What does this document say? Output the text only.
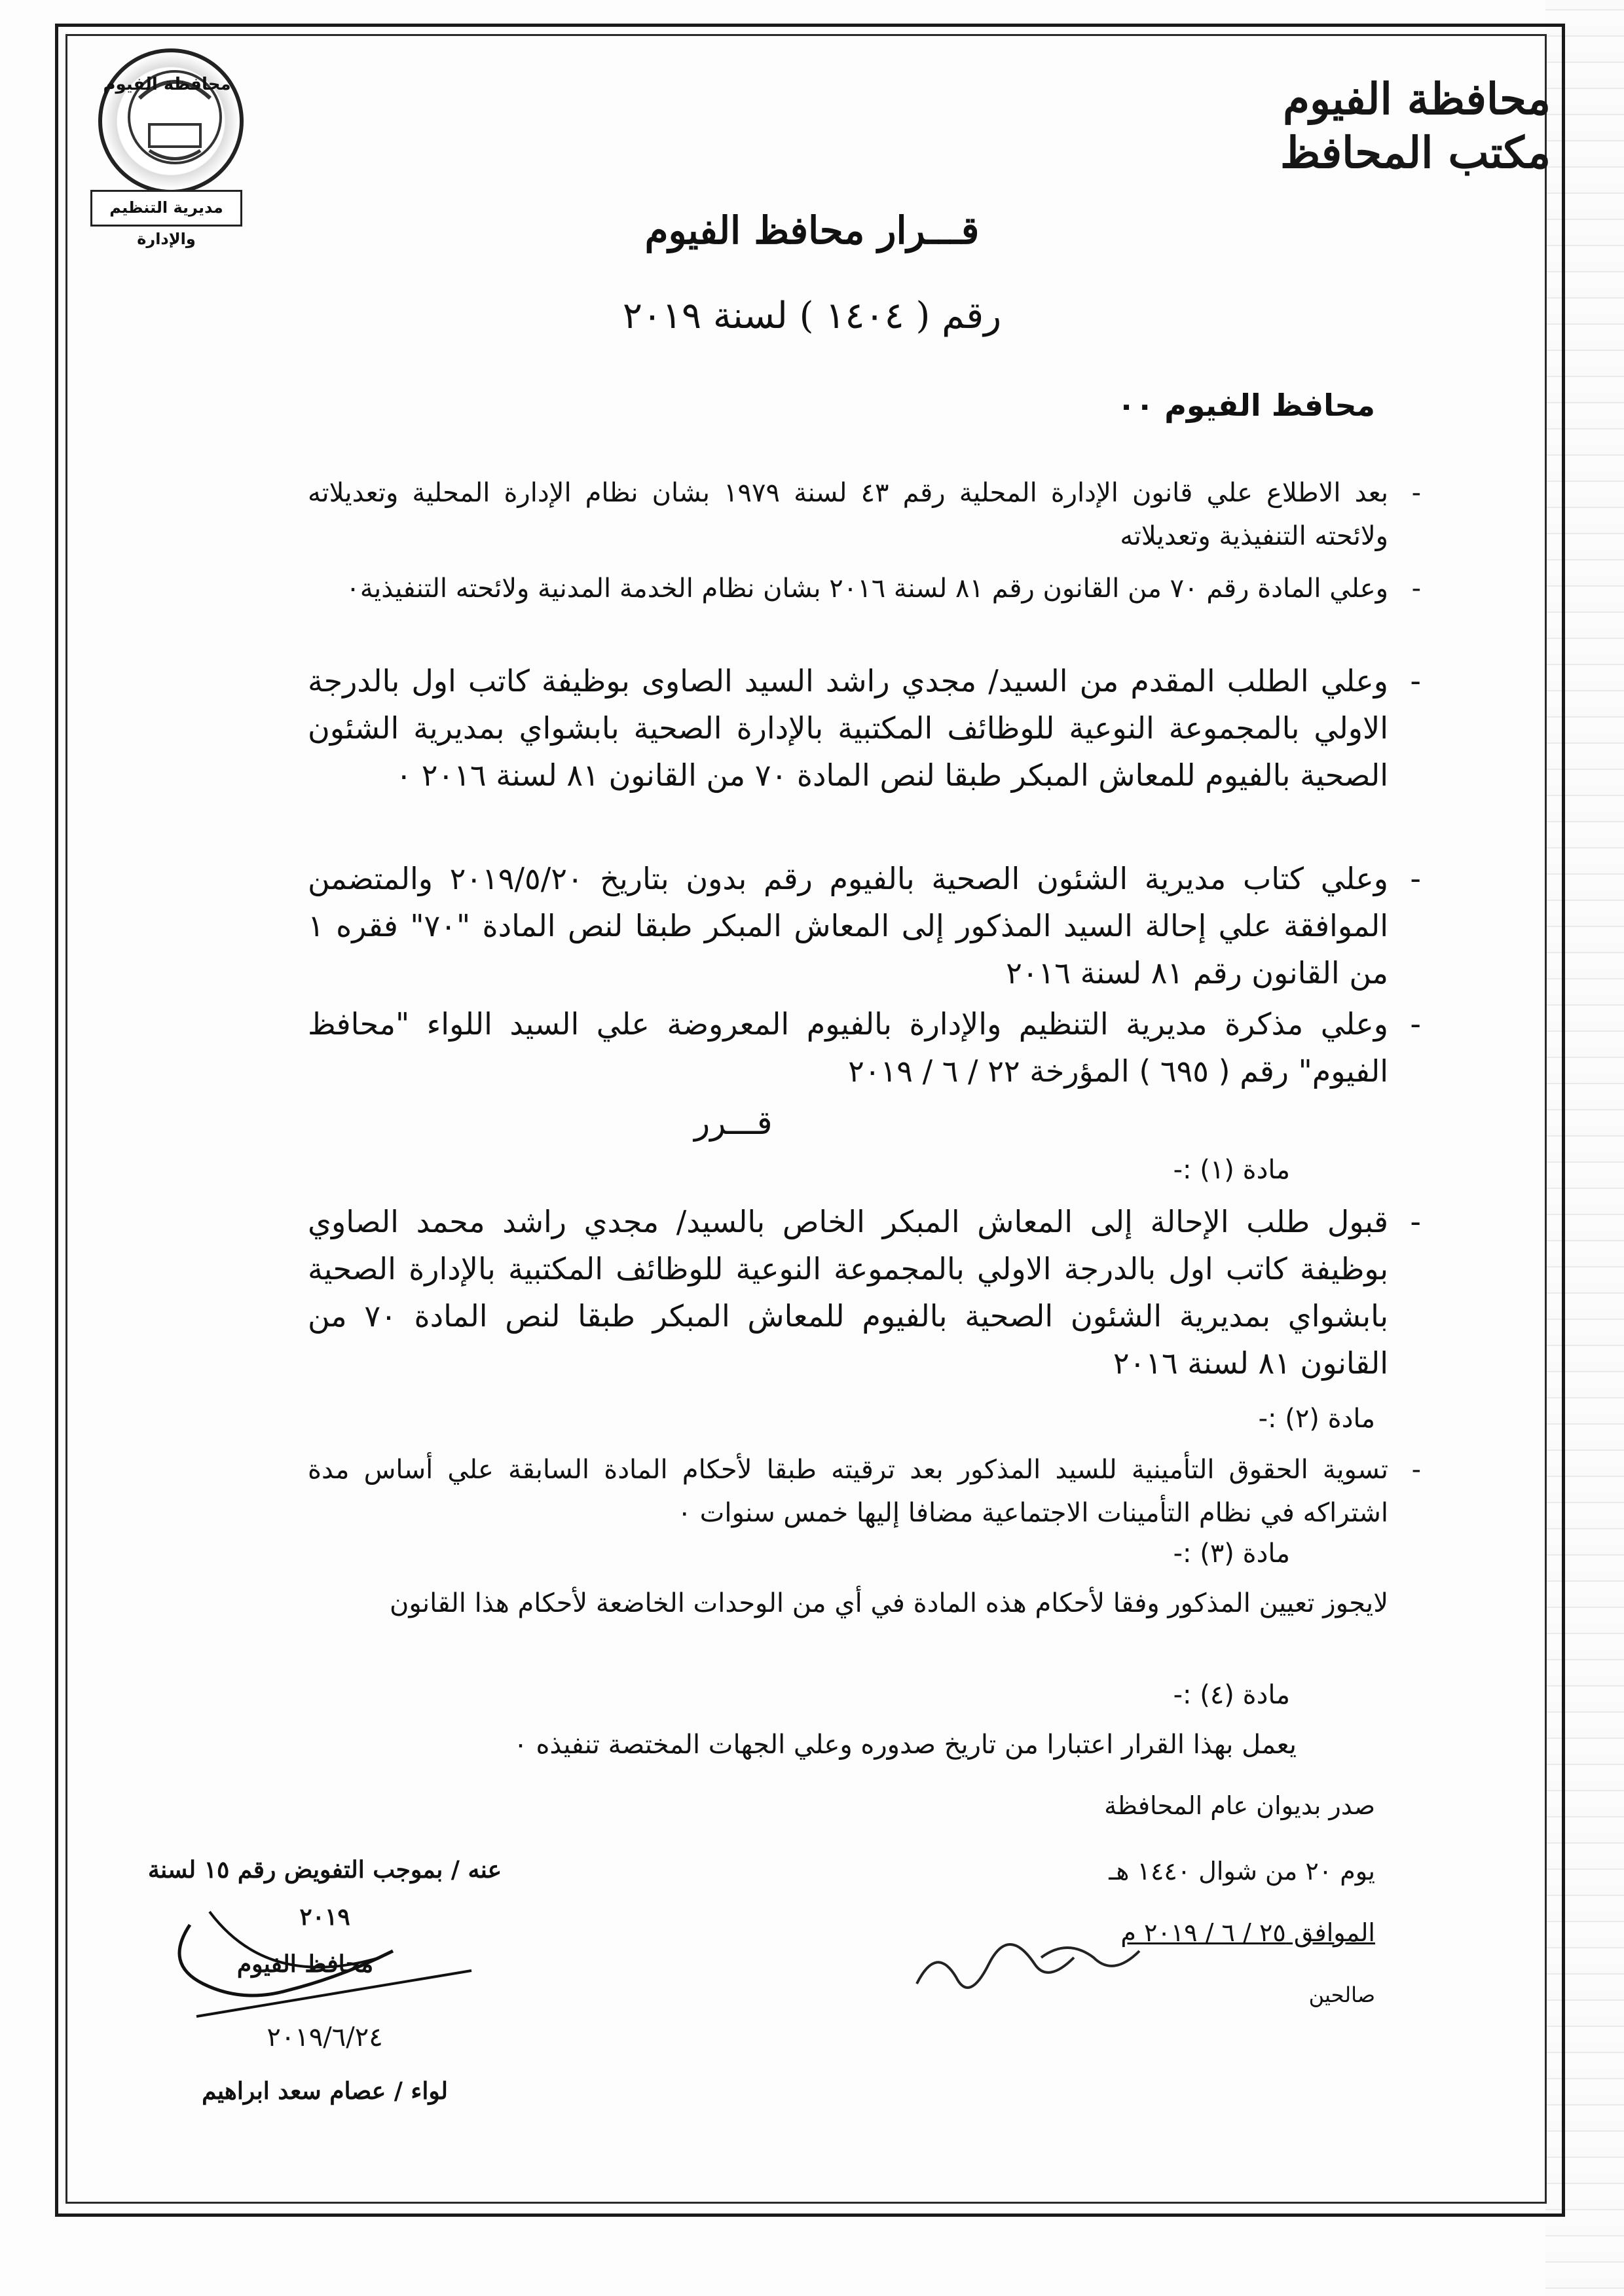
محافظة الفيوم
مديرية التنظيم والإدارة
محافظة الفيوم
مكتب المحافظ
قـــرار محافظ الفيوم
رقم ( ١٤٠٤ ) لسنة ٢٠١٩
محافظ الفيوم ٠٠
- بعد الاطلاع علي قانون الإدارة المحلية رقم ٤٣ لسنة ١٩٧٩ بشان نظام الإدارة المحلية وتعديلاته ولائحته التنفيذية وتعديلاته
- وعلي المادة رقم ٧٠ من القانون رقم ٨١ لسنة ٢٠١٦ بشان نظام الخدمة المدنية ولائحته التنفيذية٠
- وعلي الطلب المقدم من السيد/ مجدي راشد السيد الصاوى بوظيفة كاتب اول بالدرجة الاولي بالمجموعة النوعية للوظائف المكتبية بالإدارة الصحية بابشواي بمديرية الشئون الصحية بالفيوم للمعاش المبكر طبقا لنص المادة ٧٠ من القانون ٨١ لسنة ٢٠١٦ ٠
- وعلي كتاب مديرية الشئون الصحية بالفيوم رقم بدون بتاريخ ٢٠١٩/٥/٢٠ والمتضمن الموافقة علي إحالة السيد المذكور إلى المعاش المبكر طبقا لنص المادة "٧٠" فقره ١ من القانون رقم ٨١ لسنة ٢٠١٦
- وعلي مذكرة مديرية التنظيم والإدارة بالفيوم المعروضة علي السيد اللواء "محافظ الفيوم" رقم ( ٦٩٥ ) المؤرخة ٢٢ / ٦ / ٢٠١٩
قـــرر
مادة (١) :-
- قبول طلب الإحالة إلى المعاش المبكر الخاص بالسيد/ مجدي راشد محمد الصاوي بوظيفة كاتب اول بالدرجة الاولي بالمجموعة النوعية للوظائف المكتبية بالإدارة الصحية بابشواي بمديرية الشئون الصحية بالفيوم للمعاش المبكر طبقا لنص المادة ٧٠ من القانون ٨١ لسنة ٢٠١٦
مادة (٢) :-
- تسوية الحقوق التأمينية للسيد المذكور بعد ترقيته طبقا لأحكام المادة السابقة علي أساس مدة اشتراكه في نظام التأمينات الاجتماعية مضافا إليها خمس سنوات ٠
مادة (٣) :-
لايجوز تعيين المذكور وفقا لأحكام هذه المادة في أي من الوحدات الخاضعة لأحكام هذا القانون
مادة (٤) :-
يعمل بهذا القرار اعتبارا من تاريخ صدوره وعلي الجهات المختصة تنفيذه ٠
صدر بديوان عام المحافظة
يوم ٢٠ من شوال ١٤٤٠ هـ
الموافق ٢٥ / ٦ / ٢٠١٩ م
صالحين
عنه / بموجب التفويض رقم ١٥ لسنة ٢٠١٩
محافظ الفيوم
٢٠١٩/٦/٢٤
لواء / عصام سعد ابراهيم
